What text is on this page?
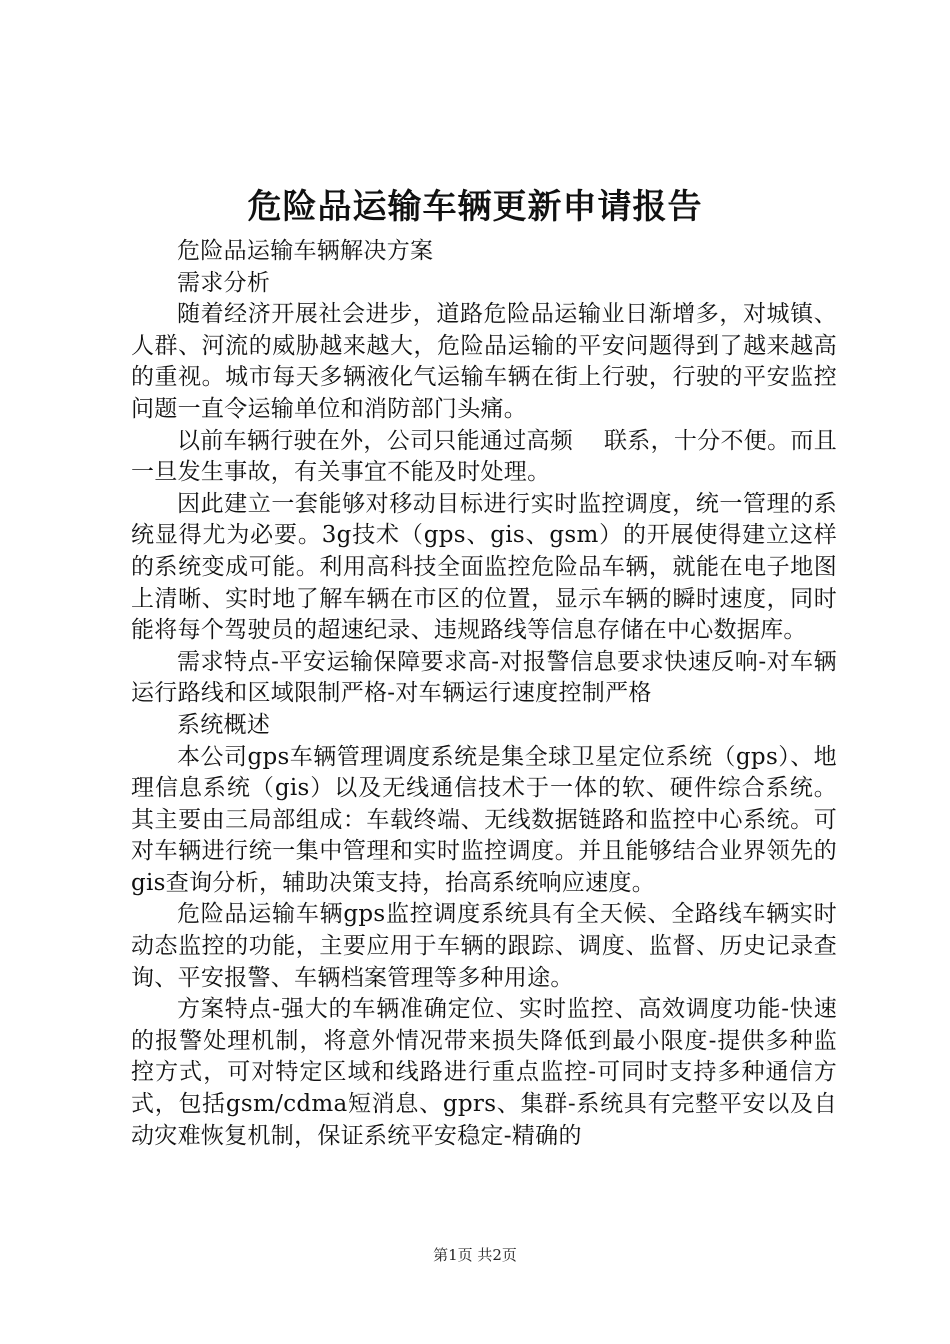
危险品运输车辆更新申请报告

危险品运输车辆解决方案

需求分析

随着经济开展社会进步，道路危险品运输业日渐增多，对城镇、人群、河流的威胁越来越大，危险品运输的平安问题得到了越来越高的重视。城市每天多辆液化气运输车辆在街上行驶，行驶的平安监控问题一直令运输单位和消防部门头痛。

以前车辆行驶在外，公司只能通过高频　 联系，十分不便。而且一旦发生事故，有关事宜不能及时处理。

因此建立一套能够对移动目标进行实时监控调度，统一管理的系统显得尤为必要。3g技术（gps、gis、gsm）的开展使得建立这样的系统变成可能。利用高科技全面监控危险品车辆，就能在电子地图上清晰、实时地了解车辆在市区的位置，显示车辆的瞬时速度，同时能将每个驾驶员的超速纪录、违规路线等信息存储在中心数据库。

需求特点-平安运输保障要求高-对报警信息要求快速反响-对车辆运行路线和区域限制严格-对车辆运行速度控制严格

系统概述

本公司gps车辆管理调度系统是集全球卫星定位系统（gps）、地理信息系统（gis）以及无线通信技术于一体的软、硬件综合系统。其主要由三局部组成：车载终端、无线数据链路和监控中心系统。可对车辆进行统一集中管理和实时监控调度。并且能够结合业界领先的gis查询分析，辅助决策支持，抬高系统响应速度。

危险品运输车辆gps监控调度系统具有全天候、全路线车辆实时动态监控的功能，主要应用于车辆的跟踪、调度、监督、历史记录查询、平安报警、车辆档案管理等多种用途。

方案特点-强大的车辆准确定位、实时监控、高效调度功能-快速的报警处理机制，将意外情况带来损失降低到最小限度-提供多种监控方式，可对特定区域和线路进行重点监控-可同时支持多种通信方式，包括gsm/cdma短消息、gprs、集群-系统具有完整平安以及自动灾难恢复机制，保证系统平安稳定-精确的

第1页 共2页
